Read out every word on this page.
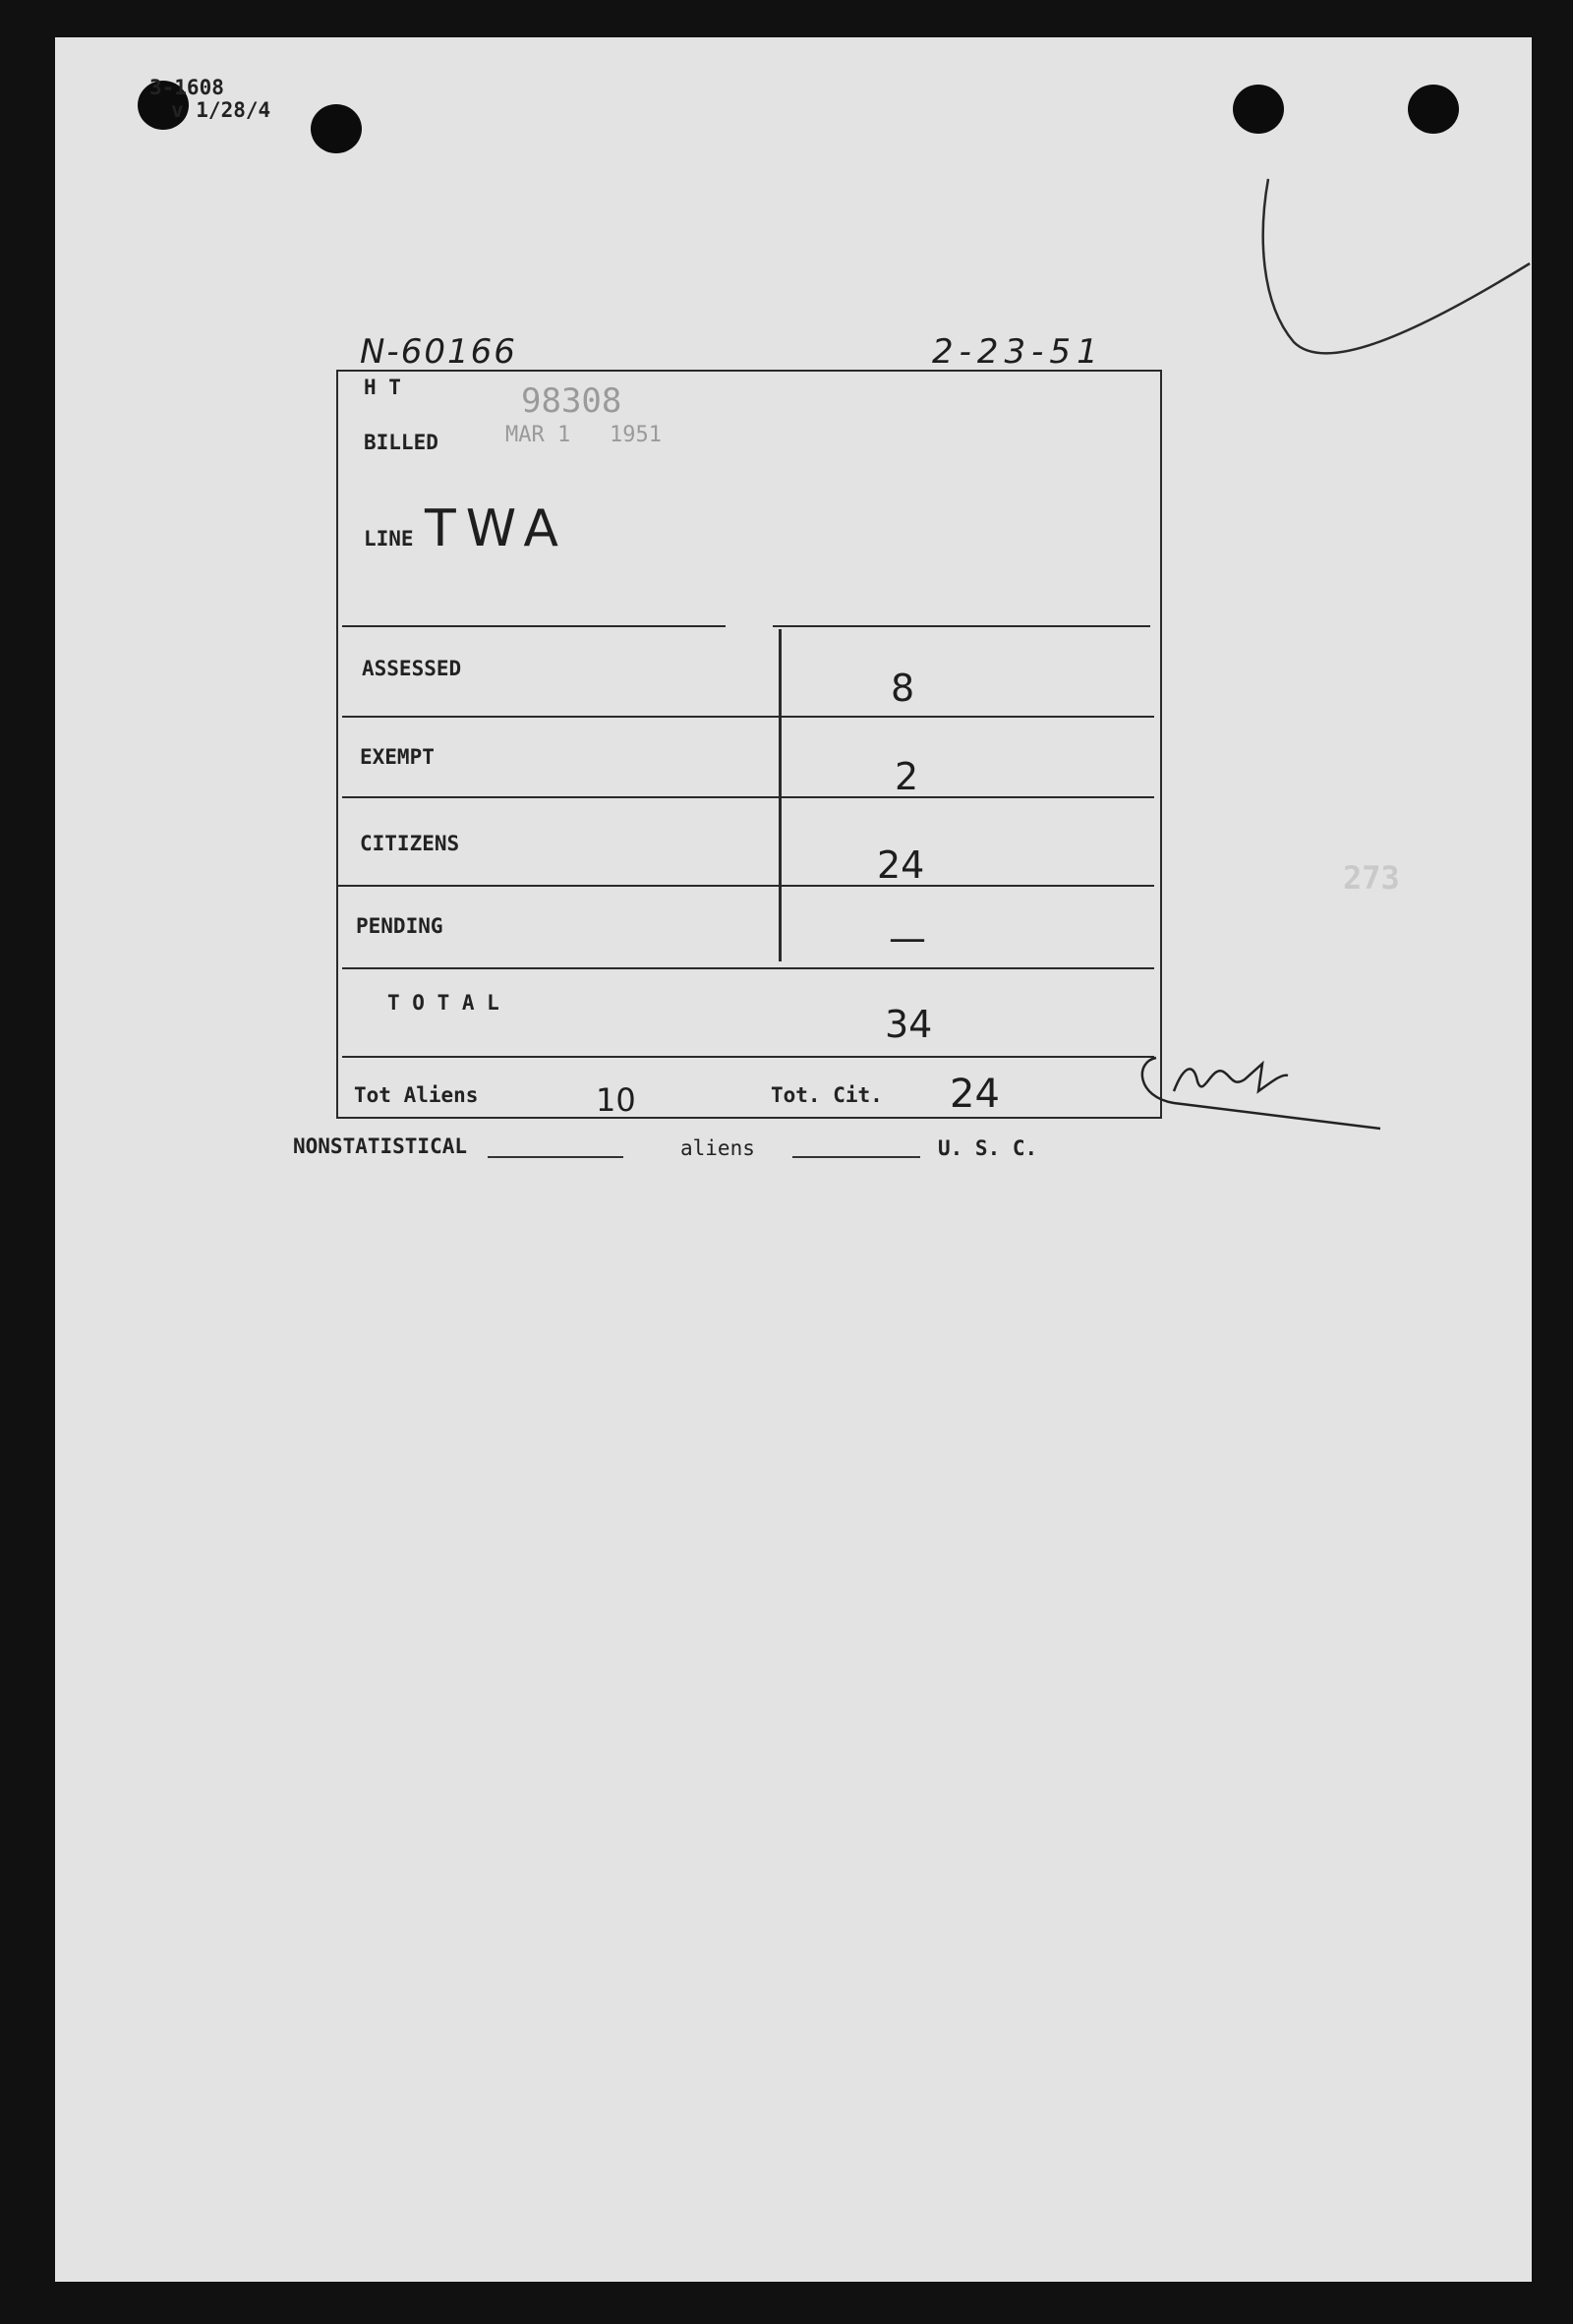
3-1608
v 1/28/4
N-60166	2-23-51
H T	98308
BILLED	MAR 1   1951
LINE TWA
ASSESSED	8
EXEMPT	2
CITIZENS	24
PENDING	—
T O T A L	34
Tot Aliens	10	Tot. Cit. 24
273
NONSTATISTICAL	aliens	U. S. C.
